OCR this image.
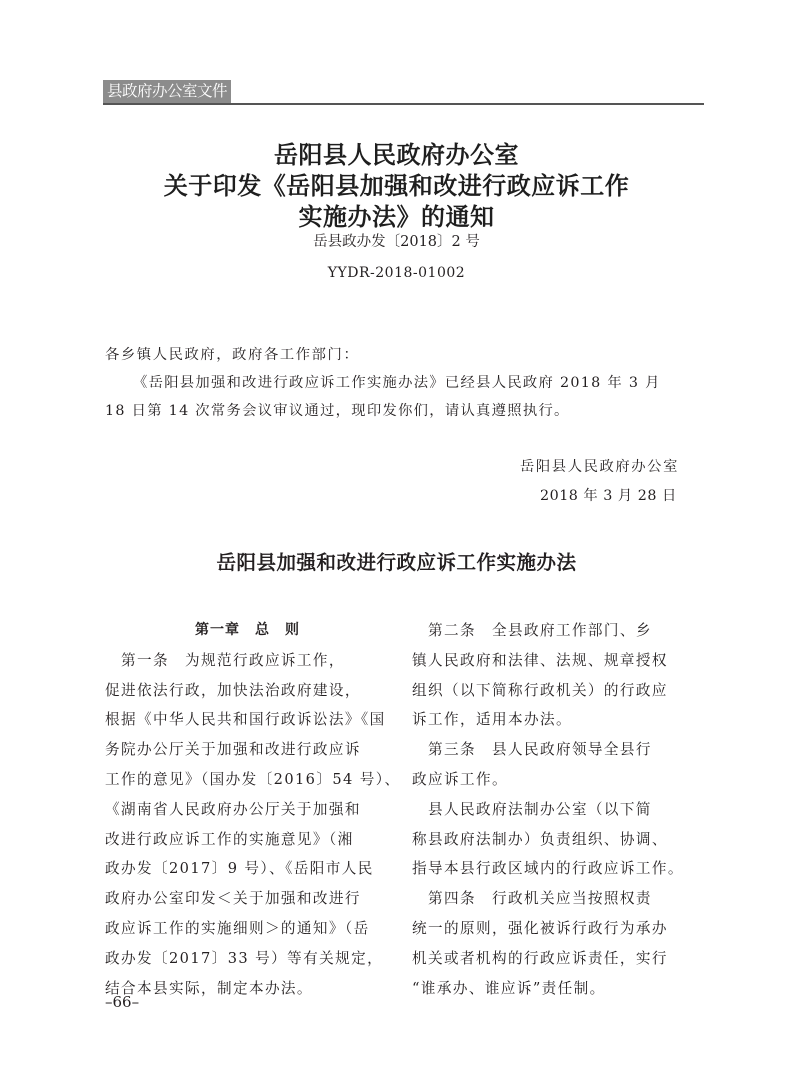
县政府办公室文件
岳阳县人民政府办公室
关于印发《岳阳县加强和改进行政应诉工作
实施办法》的通知
岳县政办发〔2018〕2 号
YYDR-2018-01002
各乡镇人民政府，政府各工作部门：
《岳阳县加强和改进行政应诉工作实施办法》已经县人民政府 2018 年 3 月
18 日第 14 次常务会议审议通过，现印发你们，请认真遵照执行。
岳阳县人民政府办公室
2018 年 3 月 28 日
岳阳县加强和改进行政应诉工作实施办法
第一章　总　则
　第一条　为规范行政应诉工作，
促进依法行政，加快法治政府建设，
根据《中华人民共和国行政诉讼法》《国
务院办公厅关于加强和改进行政应诉
工作的意见》（国办发〔2016〕54 号）、
《湖南省人民政府办公厅关于加强和
改进行政应诉工作的实施意见》（湘
政办发〔2017〕9 号）、《岳阳市人民
政府办公室印发＜关于加强和改进行
政应诉工作的实施细则＞的通知》（岳
政办发〔2017〕33 号）等有关规定，
结合本县实际，制定本办法。
　第二条　全县政府工作部门、乡
镇人民政府和法律、法规、规章授权
组织（以下简称行政机关）的行政应
诉工作，适用本办法。
　第三条　县人民政府领导全县行
政应诉工作。
　县人民政府法制办公室（以下简
称县政府法制办）负责组织、协调、
指导本县行政区域内的行政应诉工作。
　第四条　行政机关应当按照权责
统一的原则，强化被诉行政行为承办
机关或者机构的行政应诉责任，实行
“谁承办、谁应诉”责任制。
–66–
